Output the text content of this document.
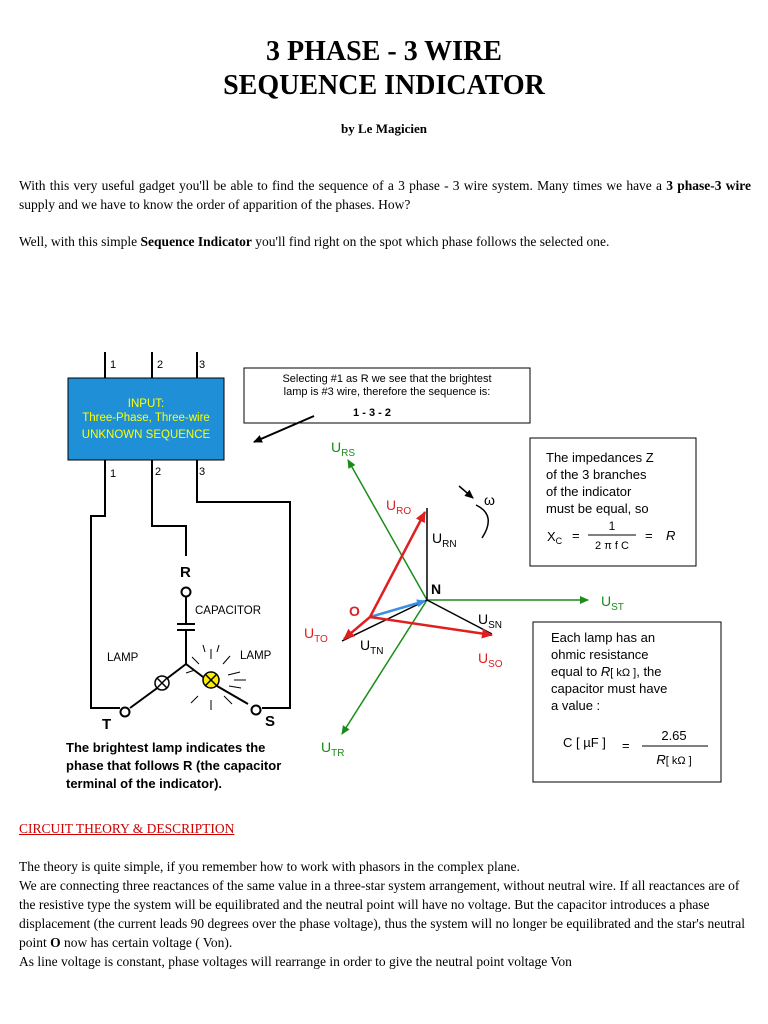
3 PHASE - 3 WIRE
SEQUENCE INDICATOR
by Le Magicien

With this very useful gadget you'll be able to find the sequence of a 3 phase - 3 wire system. Many times we have a 3 phase-3 wire supply and we have to know the order of apparition of the phases. How?

Well, with this simple Sequence Indicator you'll find right on the spot which phase follows the selected one.

1	2	3
INPUT:
Three-Phase, Three-wire
UNKNOWN SEQUENCE
1	2	3
R
CAPACITOR
LAMP	LAMP
T	S
The brightest lamp indicates the
phase that follows R (the capacitor
terminal of the indicator).
Selecting #1 as R we see that the brightest
lamp is #3 wire, therefore the sequence is:
1 - 3 - 2
ω
$U_{RS}$
$U_{RO}$
$U_{RN}$
N
$U_{ST}$
O	$U_{SN}$
$U_{TO}$ $U_{TN}$	$U_{SO}$
$U_{TR}$
The impedances Z
of the 3 branches
of the indicator
must be equal, so
$X_C$ =
1
2 π f C
= R
Each lamp has an
ohmic resistance
equal to R[ kΩ ], the
capacitor must have
a value :
C [ µF ] =
2.65
R[ kΩ ]
CIRCUIT THEORY & DESCRIPTION

The theory is quite simple, if you remember how to work with phasors in the complex plane.

We are connecting three reactances of the same value in a three-star system arrangement, without neutral wire. If all reactances are of the resistive type the system will be equilibrated and the neutral point will have no voltage. But the capacitor introduces a phase displacement (the current leads 90 degrees over the phase voltage), thus the system will no longer be equilibrated and the star's neutral point O now has certain voltage ( Von).

As line voltage is constant, phase voltages will rearrange in order to give the neutral point voltage Von
